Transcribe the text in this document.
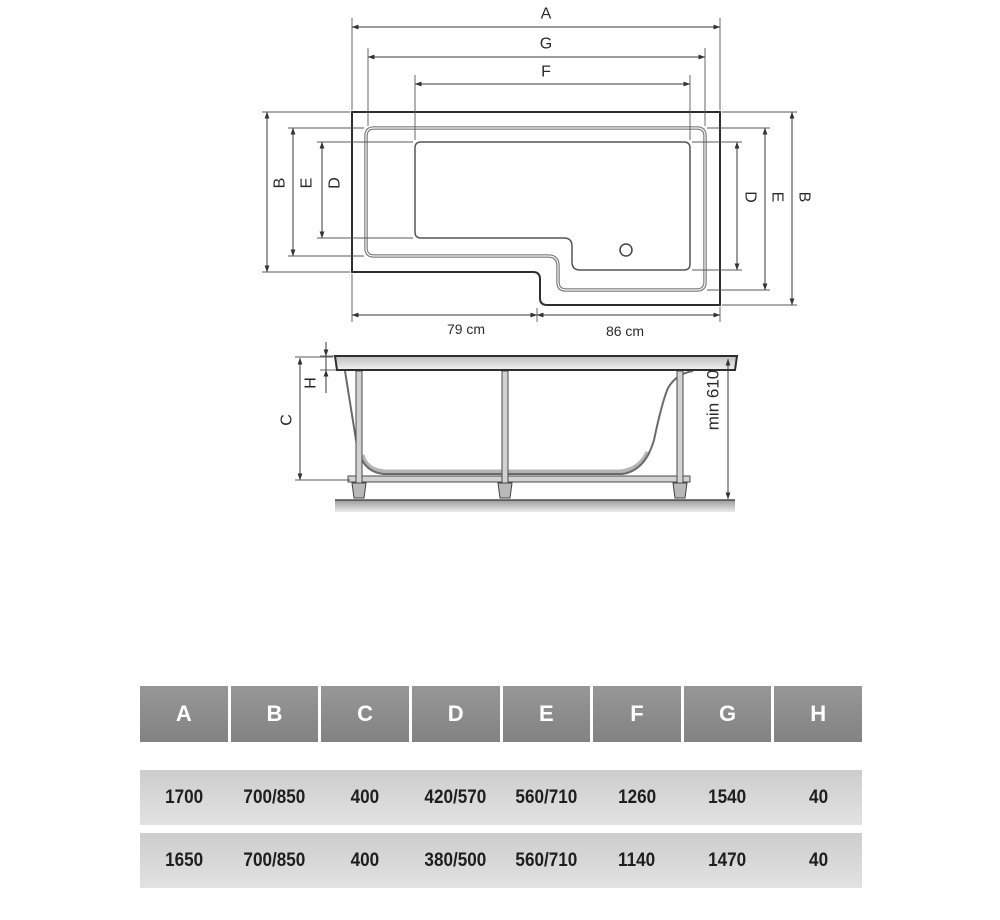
A
G
F
B E D
D E B
79 cm	86 cm
C
H	min 610
A	B	C	D	E	F	G	H
1700 700/850 400 420/570 560/710 1260	1540	40
1650 700/850 400 380/500 560/710 1140	1470	40
